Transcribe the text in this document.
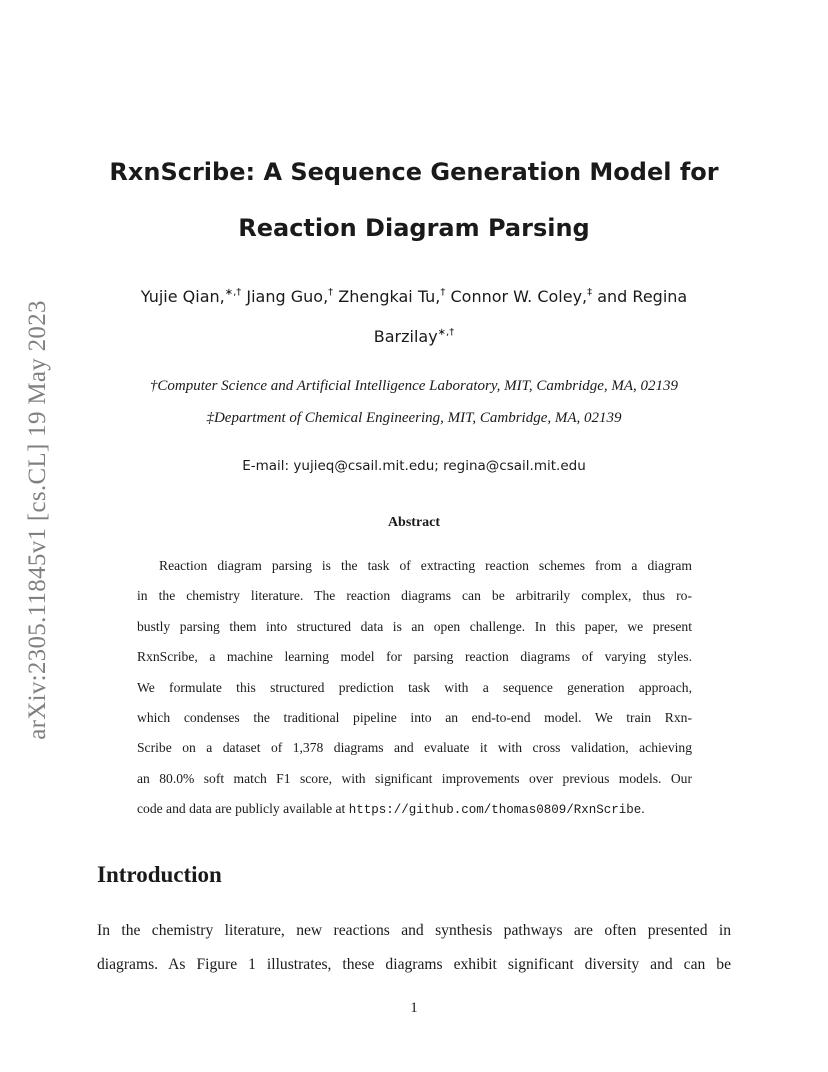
arXiv:2305.11845v1 [cs.CL] 19 May 2023
RxnScribe: A Sequence Generation Model for
Reaction Diagram Parsing
Yujie Qian,∗,† Jiang Guo,† Zhengkai Tu,† Connor W. Coley,‡ and Regina
Barzilay∗,†
†Computer Science and Artificial Intelligence Laboratory, MIT, Cambridge, MA, 02139
‡Department of Chemical Engineering, MIT, Cambridge, MA, 02139
E-mail: yujieq@csail.mit.edu; regina@csail.mit.edu
Abstract
Reaction diagram parsing is the task of extracting reaction schemes from a diagram
in the chemistry literature. The reaction diagrams can be arbitrarily complex, thus ro-
bustly parsing them into structured data is an open challenge. In this paper, we present
RxnScribe, a machine learning model for parsing reaction diagrams of varying styles.
We formulate this structured prediction task with a sequence generation approach,
which condenses the traditional pipeline into an end-to-end model. We train Rxn-
Scribe on a dataset of 1,378 diagrams and evaluate it with cross validation, achieving
an 80.0% soft match F1 score, with significant improvements over previous models. Our
code and data are publicly available at https://github.com/thomas0809/RxnScribe.
Introduction
In the chemistry literature, new reactions and synthesis pathways are often presented in
diagrams. As Figure 1 illustrates, these diagrams exhibit significant diversity and can be
1
